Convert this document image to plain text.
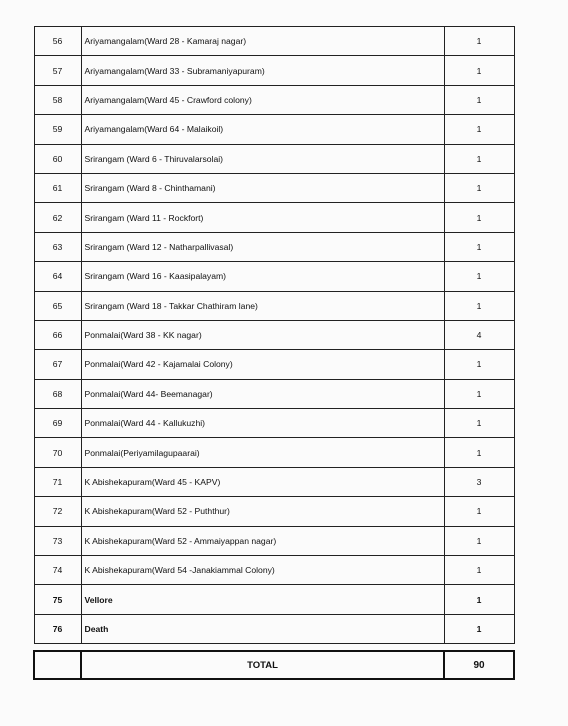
56	Ariyamangalam(Ward 28 - Kamaraj nagar)	1
57	Ariyamangalam(Ward 33 - Subramaniyapuram)	1
58	Ariyamangalam(Ward 45 - Crawford colony)	1
59	Ariyamangalam(Ward 64 - Malaikoil)	1
60	Srirangam (Ward 6 - Thiruvalarsolai)	1
61	Srirangam (Ward 8 - Chinthamani)	1
62	Srirangam (Ward 11 - Rockfort)	1
63	Srirangam (Ward 12 - Natharpallivasal)	1
64	Srirangam (Ward 16 - Kaasipalayam)	1
65	Srirangam (Ward 18 - Takkar Chathiram lane)	1
66	Ponmalai(Ward 38 - KK nagar)	4
67	Ponmalai(Ward 42 - Kajamalai Colony)	1
68	Ponmalai(Ward 44- Beemanagar)	1
69	Ponmalai(Ward 44 - Kallukuzhi)	1
70	Ponmalai(Periyamilagupaarai)	1
71	K Abishekapuram(Ward 45 - KAPV)	3
72	K Abishekapuram(Ward 52 - Puththur)	1
73	K Abishekapuram(Ward 52 - Ammaiyappan nagar)	1
74	K Abishekapuram(Ward 54 -Janakiammal Colony)	1
75	Vellore	1
76	Death	1

	TOTAL	90
